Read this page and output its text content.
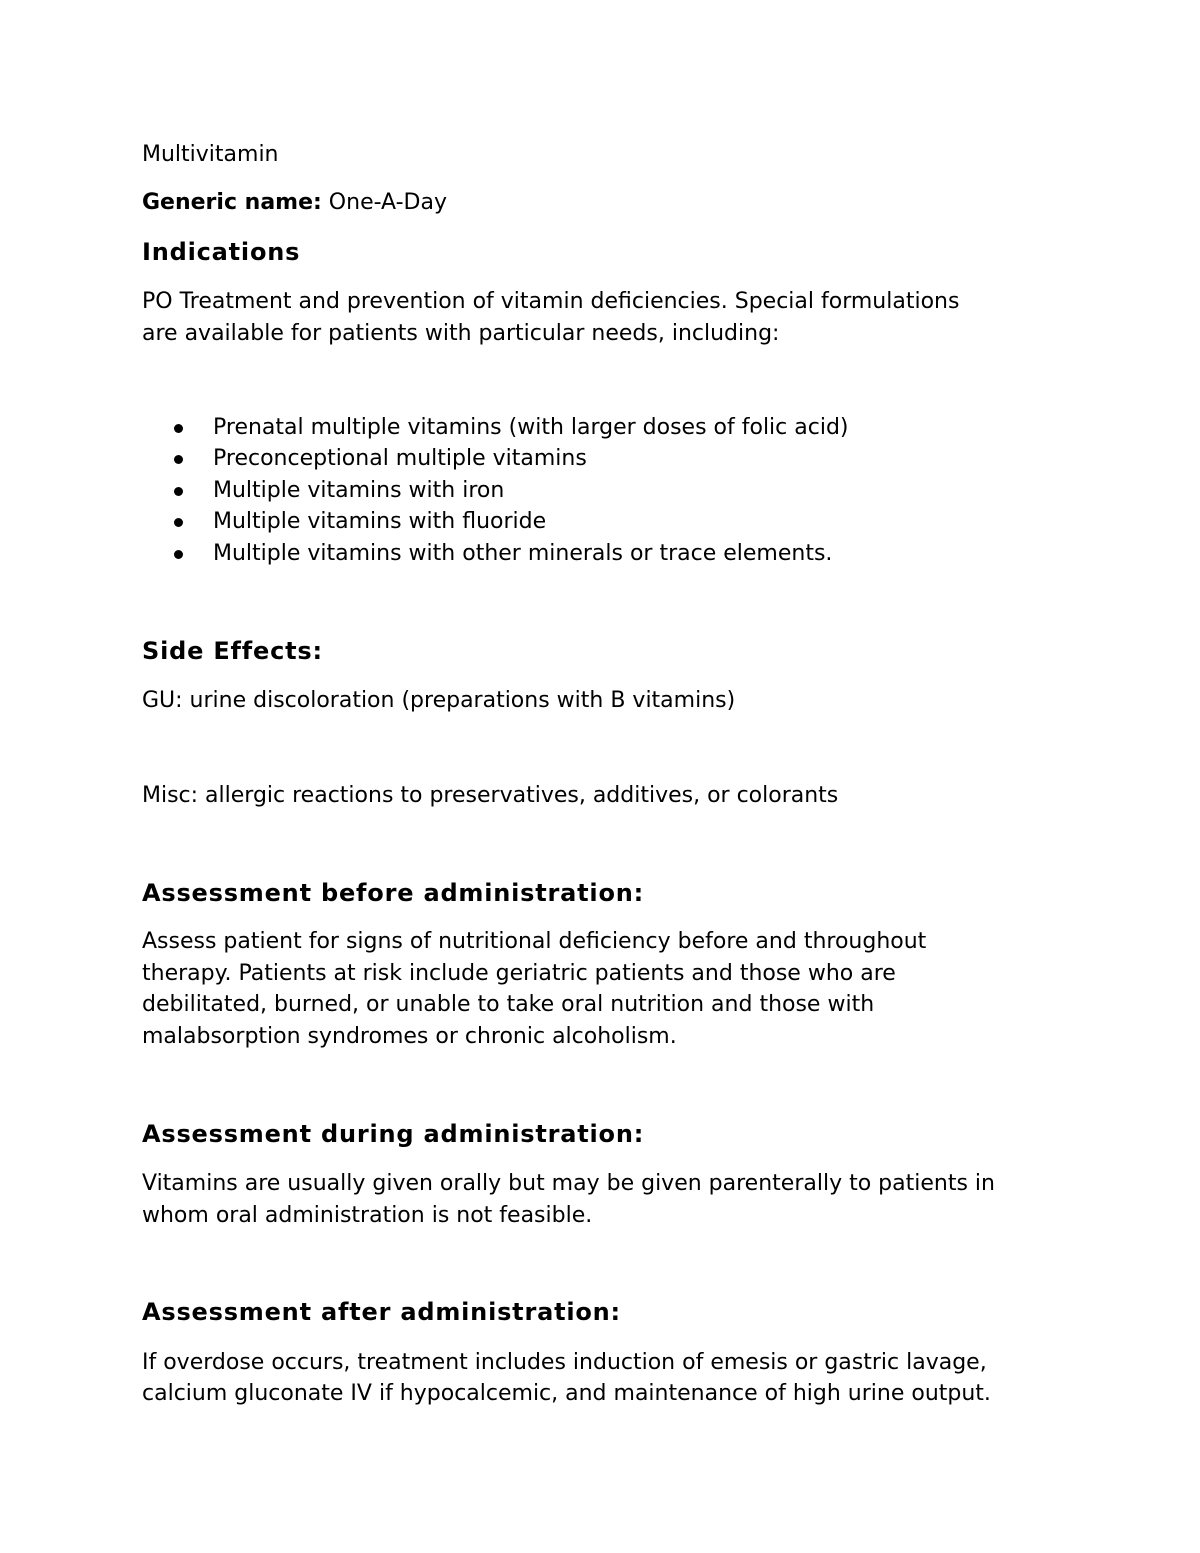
Multivitamin

Generic name: One-A-Day

Indications

PO Treatment and prevention of vitamin deficiencies. Special formulations

are available for patients with particular needs, including:

Prenatal multiple vitamins (with larger doses of folic acid)
Preconceptional multiple vitamins
Multiple vitamins with iron
Multiple vitamins with fluoride
Multiple vitamins with other minerals or trace elements.
Side Effects:

GU: urine discoloration (preparations with B vitamins)

Misc: allergic reactions to preservatives, additives, or colorants

Assessment before administration:

Assess patient for signs of nutritional deficiency before and throughout

therapy. Patients at risk include geriatric patients and those who are

debilitated, burned, or unable to take oral nutrition and those with

malabsorption syndromes or chronic alcoholism.

Assessment during administration:

Vitamins are usually given orally but may be given parenterally to patients in

whom oral administration is not feasible.

Assessment after administration:

If overdose occurs, treatment includes induction of emesis or gastric lavage,

calcium gluconate IV if hypocalcemic, and maintenance of high urine output.
